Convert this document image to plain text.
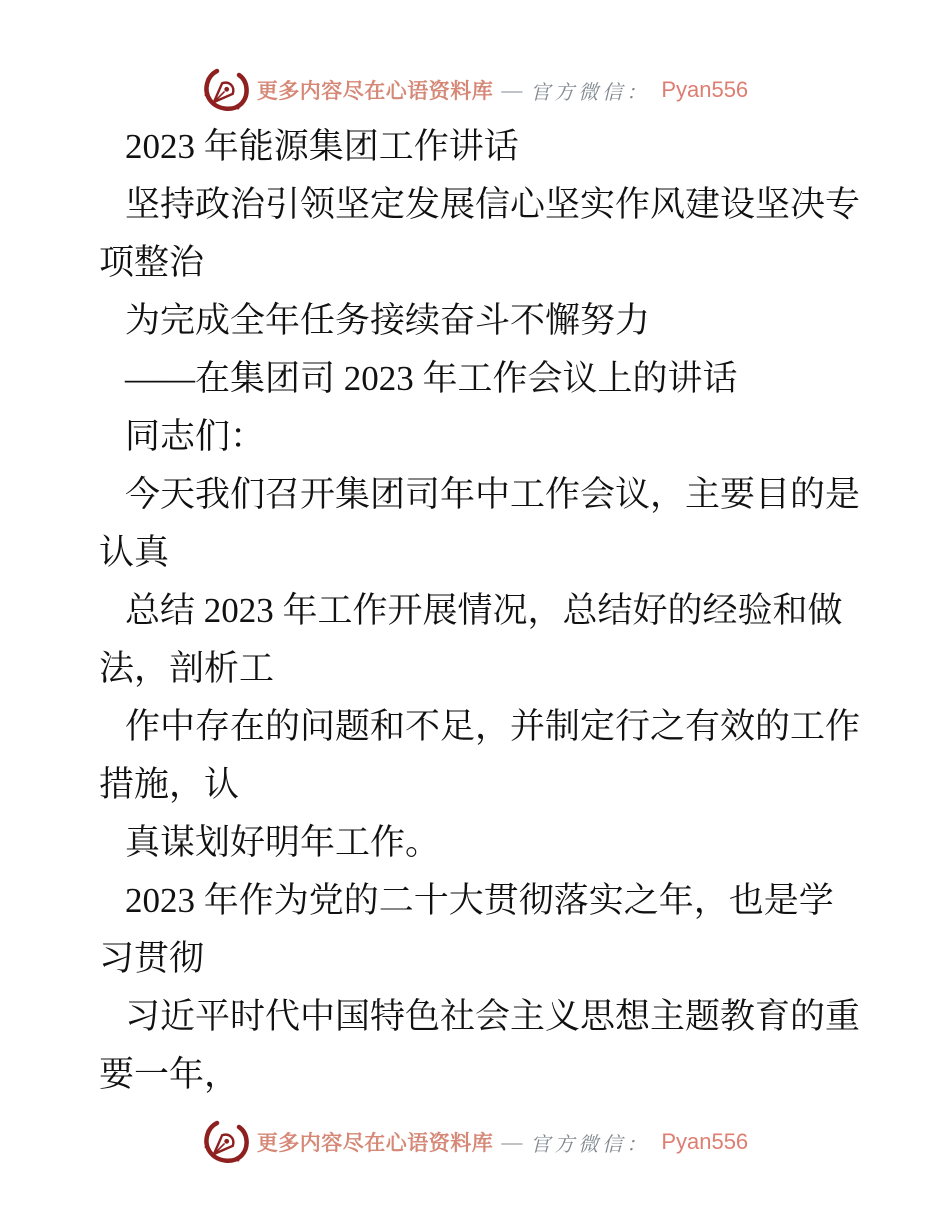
更多内容尽在心语资料库 — 官方微信： Pyan556
2023 年能源集团工作讲话
坚持政治引领坚定发展信心坚实作风建设坚决专
项整治
为完成全年任务接续奋斗不懈努力
——在集团司 2023 年工作会议上的讲话
同志们：
今天我们召开集团司年中工作会议，主要目的是
认真
总结 2023 年工作开展情况，总结好的经验和做
法，剖析工
作中存在的问题和不足，并制定行之有效的工作
措施，认
真谋划好明年工作。
2023 年作为党的二十大贯彻落实之年，也是学
习贯彻
习近平时代中国特色社会主义思想主题教育的重
要一年，
更多内容尽在心语资料库 — 官方微信： Pyan556
